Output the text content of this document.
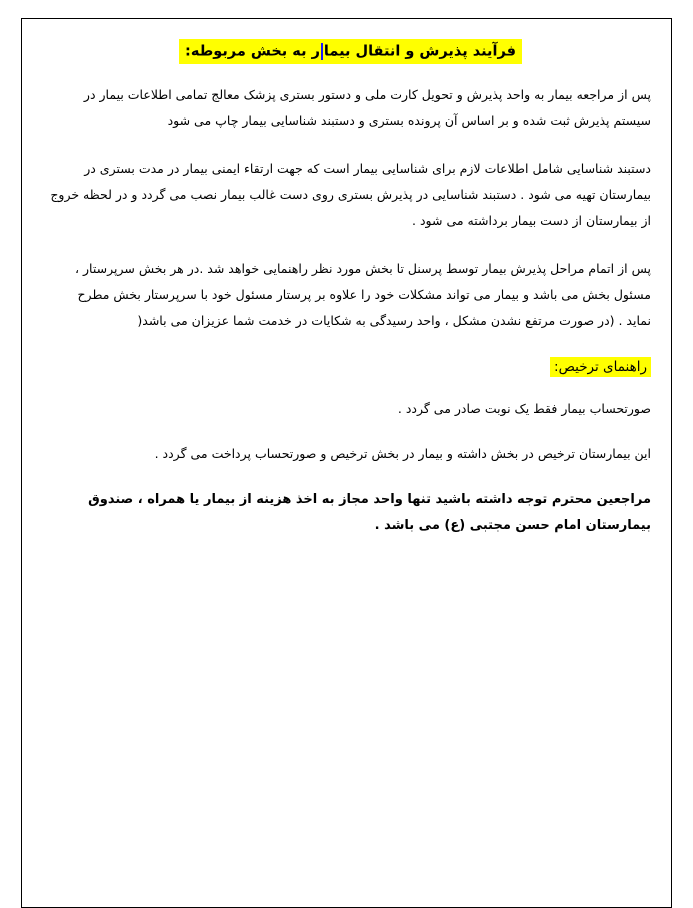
فرآیند پذیرش و انتقال بیمار به بخش مربوطه:

پس از مراجعه بیمار به واحد پذیرش و تحویل کارت ملی و دستور بستری پزشک معالج تمامی اطلاعات بیمار در سیستم پذیرش ثبت شده و بر اساس آن پرونده بستری و دستبند شناسایی بیمار چاپ می شود

دستبند شناسایی شامل اطلاعات لازم برای شناسایی بیمار است که جهت ارتقاء ایمنی بیمار در مدت بستری در بیمارستان تهیه می شود . دستبند شناسایی در پذیرش بستری روی دست غالب بیمار نصب می گردد و در لحظه خروج از بیمارستان از دست بیمار برداشته می شود .

پس از اتمام مراحل پذیرش بیمار توسط پرسنل تا بخش مورد نظر راهنمایی خواهد شد .در هر بخش سرپرستار ، مسئول بخش می باشد و بیمار می تواند مشکلات خود را علاوه بر پرستار مسئول خود با سرپرستار بخش مطرح نماید . (در صورت مرتفع نشدن مشکل ، واحد رسیدگی به شکایات در خدمت شما عزیزان می باشد(

راهنمای ترخیص:
صورتحساب بیمار فقط یک نوبت صادر می گردد .
این بیمارستان ترخیص در بخش داشته و بیمار در بخش ترخیص و صورتحساب پرداخت می گردد .
مراجعین محترم توجه داشته باشید تنها واحد مجاز به اخذ هزینه از بیمار یا همراه ، صندوق بیمارستان امام حسن مجتبی (ع) می باشد .
